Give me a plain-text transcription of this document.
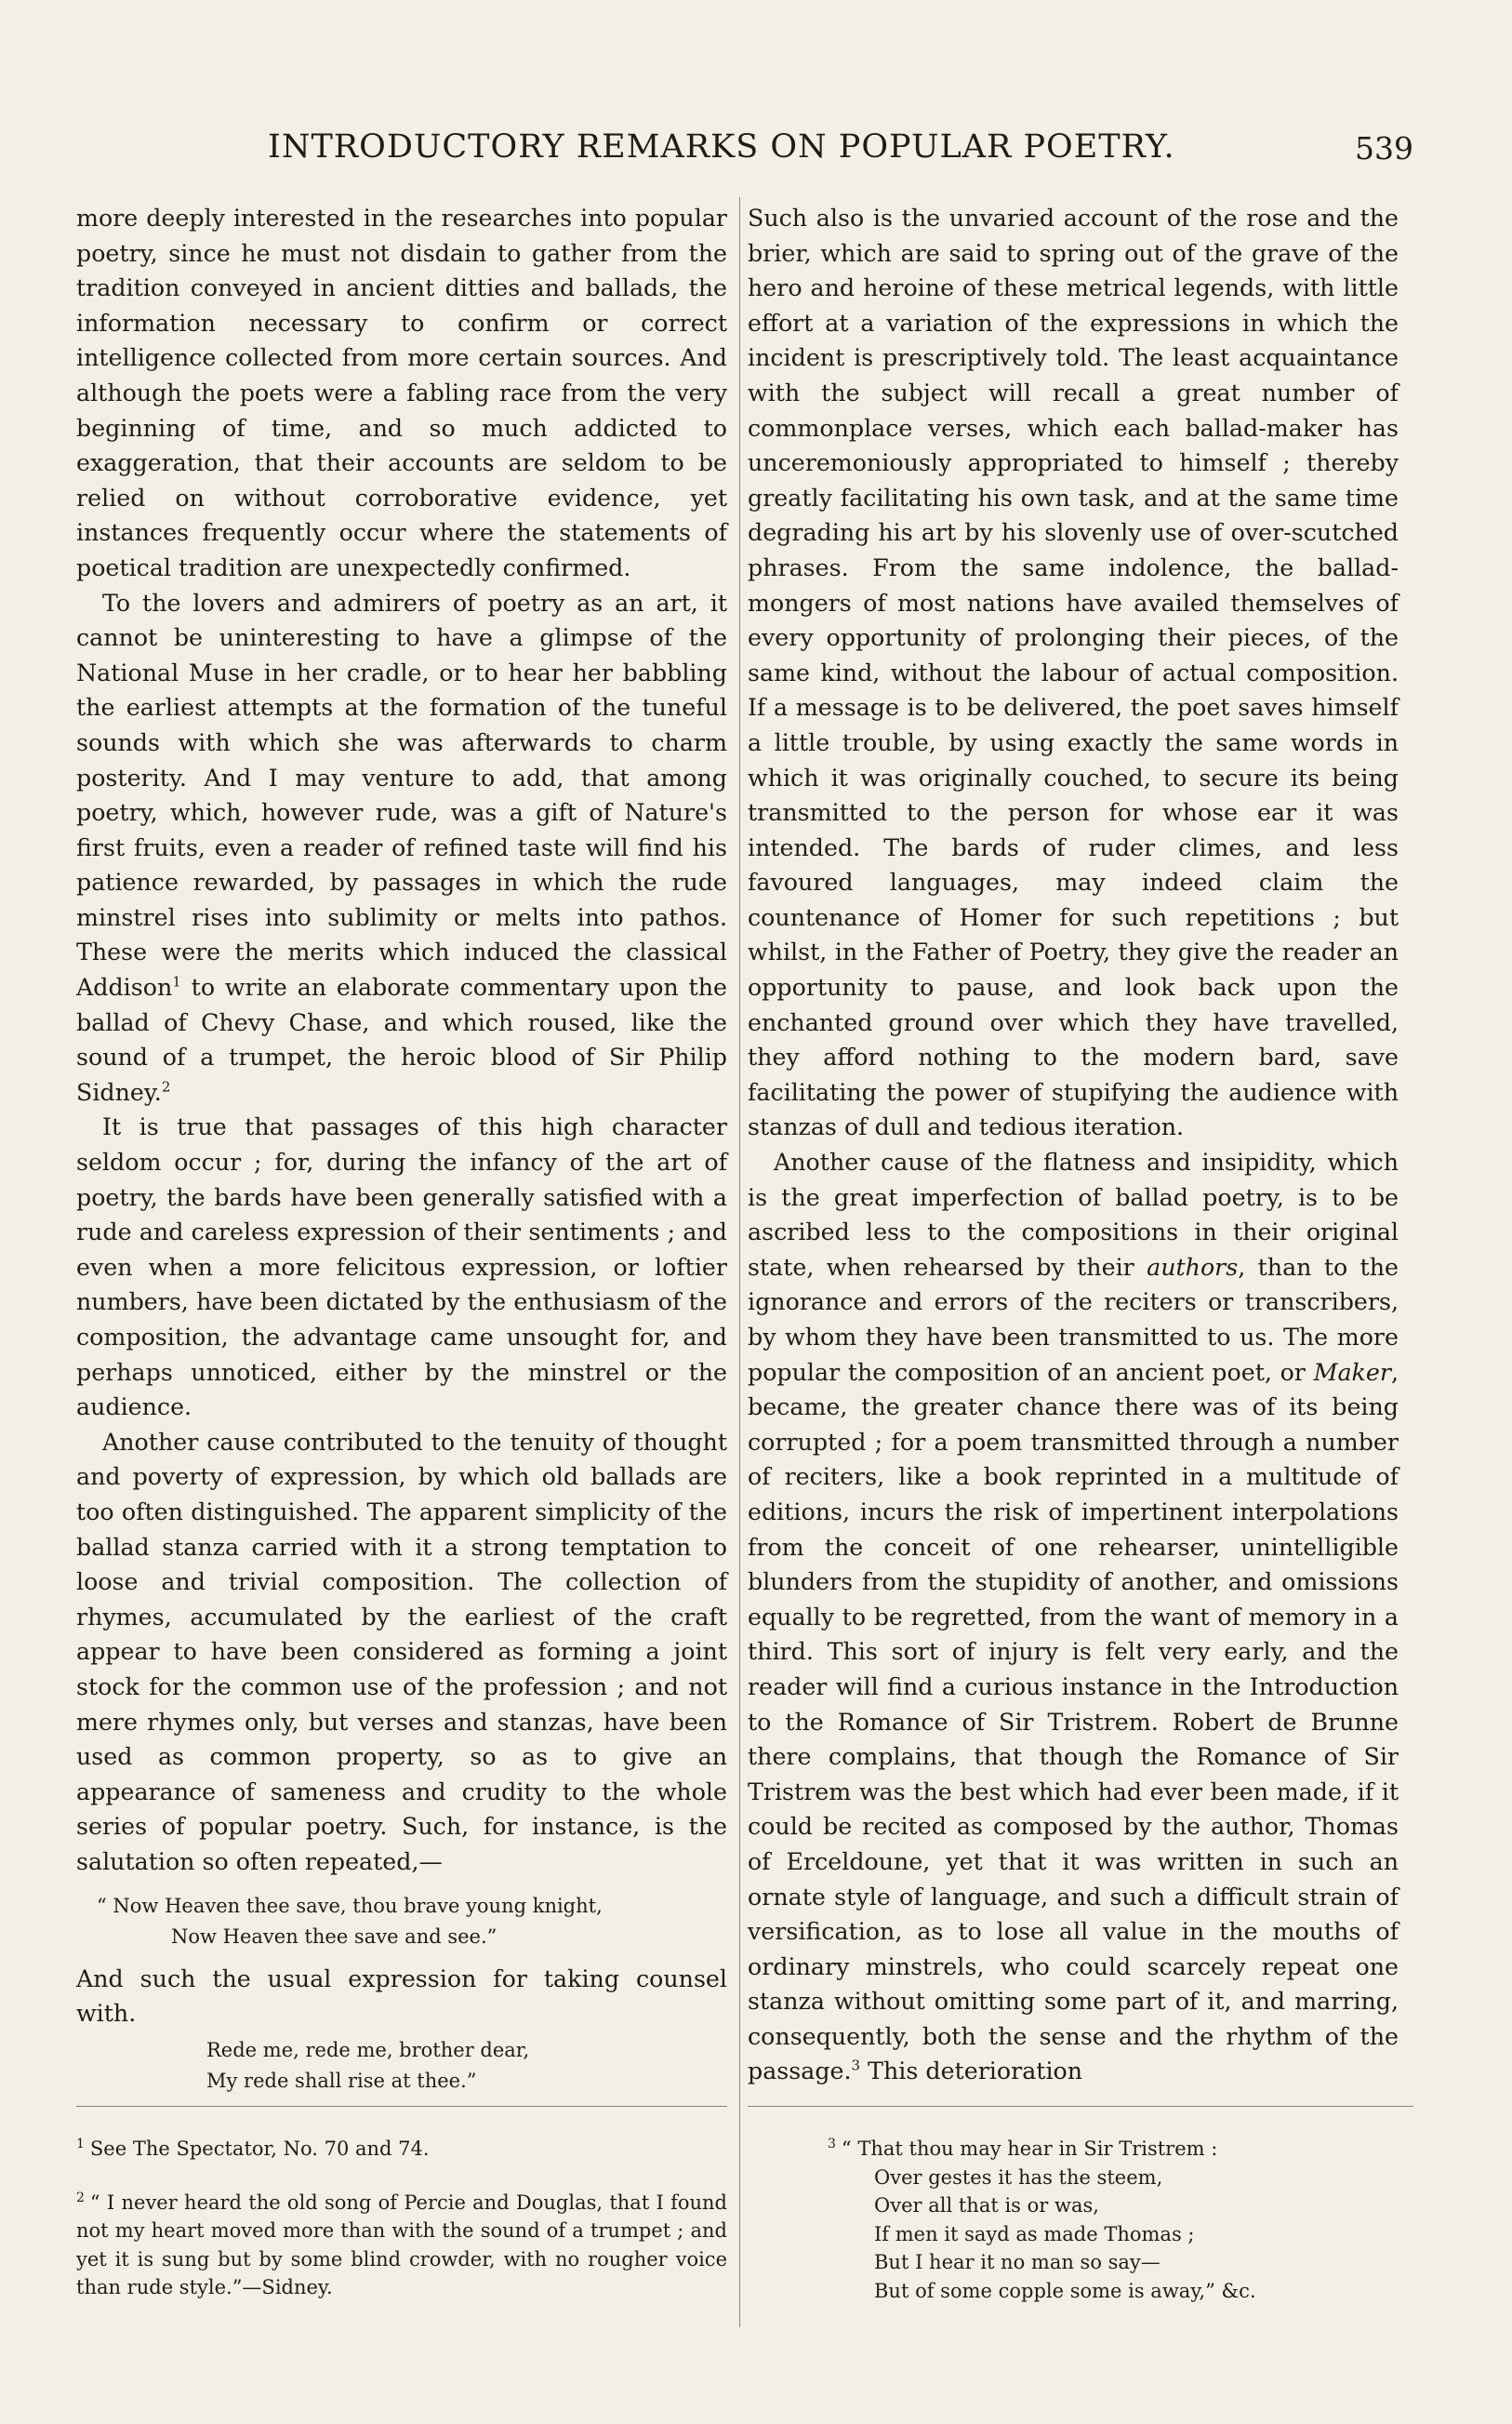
INTRODUCTORY REMARKS ON POPULAR POETRY.	539

more deeply interested in the researches into popular poetry, since he must not disdain to gather from the tradition conveyed in ancient ditties and ballads, the information necessary to confirm or correct intelligence collected from more certain sources. And although the poets were a fabling race from the very beginning of time, and so much addicted to exaggeration, that their accounts are seldom to be relied on without corroborative evidence, yet instances frequently occur where the statements of poetical tradition are unexpectedly confirmed.

To the lovers and admirers of poetry as an art, it cannot be uninteresting to have a glimpse of the National Muse in her cradle, or to hear her babbling the earliest attempts at the formation of the tuneful sounds with which she was afterwards to charm posterity. And I may venture to add, that among poetry, which, however rude, was a gift of Nature's first fruits, even a reader of refined taste will find his patience rewarded, by passages in which the rude minstrel rises into sublimity or melts into pathos. These were the merits which induced the classical Addison$^1$ to write an elaborate commentary upon the ballad of Chevy Chase, and which roused, like the sound of a trumpet, the heroic blood of Sir Philip Sidney.$^2$

It is true that passages of this high character seldom occur ; for, during the infancy of the art of poetry, the bards have been generally satisfied with a rude and careless expression of their sentiments ; and even when a more felicitous expression, or loftier numbers, have been dictated by the enthusiasm of the composition, the advantage came unsought for, and perhaps unnoticed, either by the minstrel or the audience.

Another cause contributed to the tenuity of thought and poverty of expression, by which old ballads are too often distinguished. The apparent simplicity of the ballad stanza carried with it a strong temptation to loose and trivial composition. The collection of rhymes, accumulated by the earliest of the craft appear to have been considered as forming a joint stock for the common use of the profession ; and not mere rhymes only, but verses and stanzas, have been used as common property, so as to give an appearance of sameness and crudity to the whole series of popular poetry. Such, for instance, is the salutation so often repeated,—

“ Now Heaven thee save, thou brave young knight,
Now Heaven thee save and see.”

And such the usual expression for taking counsel with.

Rede me, rede me, brother dear,
My rede shall rise at thee.”

Such also is the unvaried account of the rose and the brier, which are said to spring out of the grave of the hero and heroine of these metrical legends, with little effort at a variation of the expressions in which the incident is prescriptively told. The least acquaintance with the subject will recall a great number of commonplace verses, which each ballad-maker has unceremoniously appropriated to himself ; thereby greatly facilitating his own task, and at the same time degrading his art by his slovenly use of over-scutched phrases. From the same indolence, the ballad-mongers of most nations have availed themselves of every opportunity of prolonging their pieces, of the same kind, without the labour of actual composition. If a message is to be delivered, the poet saves himself a little trouble, by using exactly the same words in which it was originally couched, to secure its being transmitted to the person for whose ear it was intended. The bards of ruder climes, and less favoured languages, may indeed claim the countenance of Homer for such repetitions ; but whilst, in the Father of Poetry, they give the reader an opportunity to pause, and look back upon the enchanted ground over which they have travelled, they afford nothing to the modern bard, save facilitating the power of stupifying the audience with stanzas of dull and tedious iteration.

Another cause of the flatness and insipidity, which is the great imperfection of ballad poetry, is to be ascribed less to the compositions in their original state, when rehearsed by their authors, than to the ignorance and errors of the reciters or transcribers, by whom they have been transmitted to us. The more popular the composition of an ancient poet, or Maker, became, the greater chance there was of its being corrupted ; for a poem transmitted through a number of reciters, like a book reprinted in a multitude of editions, incurs the risk of impertinent interpolations from the conceit of one rehearser, unintelligible blunders from the stupidity of another, and omissions equally to be regretted, from the want of memory in a third. This sort of injury is felt very early, and the reader will find a curious instance in the Introduction to the Romance of Sir Tristrem. Robert de Brunne there complains, that though the Romance of Sir Tristrem was the best which had ever been made, if it could be recited as composed by the author, Thomas of Erceldoune, yet that it was written in such an ornate style of language, and such a difficult strain of versification, as to lose all value in the mouths of ordinary minstrels, who could scarcely repeat one stanza without omitting some part of it, and marring, consequently, both the sense and the rhythm of the passage.$^3$ This deterioration

$^1$ See The Spectator, No. 70 and 74.

$^2$ “ I never heard the old song of Percie and Douglas, that I found not my heart moved more than with the sound of a trumpet ; and yet it is sung but by some blind crowder, with no rougher voice than rude style.”—Sidney.

$^3$ “ That thou may hear in Sir Tristrem :

Over gestes it has the steem,
Over all that is or was,
If men it sayd as made Thomas ;
But I hear it no man so say—
But of some copple some is away,” &c.
